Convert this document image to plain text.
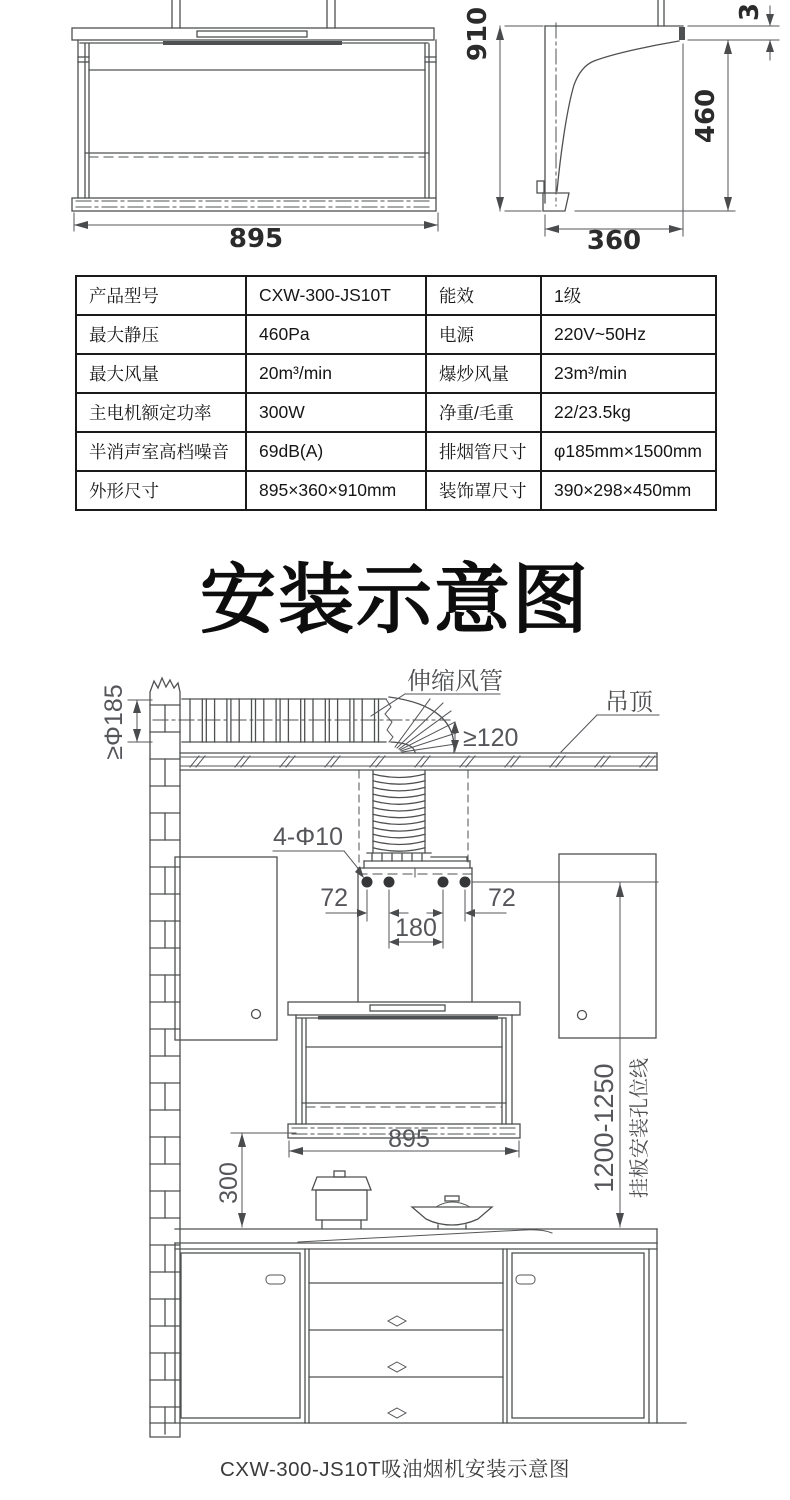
895
910	3
460
360
产品型号	CXW-300-JS10T	能效	1级
最大静压	460Pa	电源	220V~50Hz
最大风量	20m³/min	爆炒风量	23m³/min
主电机额定功率	300W	净重/毛重	22/23.5kg
半消声室高档噪音	69dB(A)	排烟管尺寸	φ185mm×1500mm
外形尺寸	895×360×910mm	装饰罩尺寸	390×298×450mm
安装示意图
≥Φ185
伸缩风管
吊顶
≥120
4-Φ10
72	72
180
895
300	1200-1250 挂板安装孔位线
CXW-300-JS10T吸油烟机安装示意图
